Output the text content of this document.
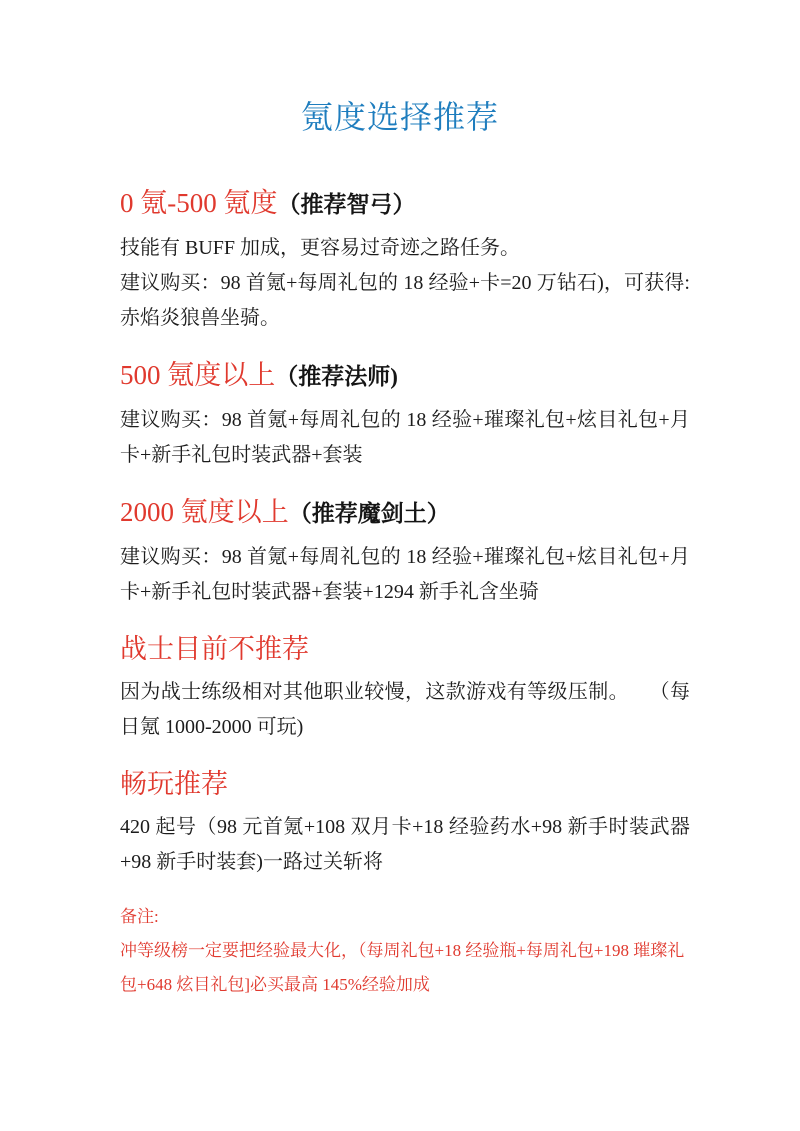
氪度选择推荐
0 氪-500 氪度（推荐智弓）

技能有 BUFF 加成，更容易过奇迹之路任务。

建议购买：98 首氪+每周礼包的 18 经验+卡=20 万钻石)，可获得:赤焰炎狼兽坐骑。

500 氪度以上（推荐法师)

建议购买：98 首氪+每周礼包的 18 经验+璀璨礼包+炫目礼包+月卡+新手礼包时装武器+套装

2000 氪度以上（推荐魔剑土）

建议购买：98 首氪+每周礼包的 18 经验+璀璨礼包+炫目礼包+月卡+新手礼包时装武器+套装+1294 新手礼含坐骑

战士目前不推荐

因为战士练级相对其他职业较慢，这款游戏有等级压制。　　（每日氪 1000-2000 可玩)

畅玩推荐

420 起号（98 元首氪+108 双月卡+18 经验药水+98 新手时装武器+98 新手时装套)一路过关斩将

备注:

冲等级榜一定要把经验最大化，（每周礼包+18 经验瓶+每周礼包+198 璀璨礼包+648 炫目礼包]必买最高 145%经验加成
